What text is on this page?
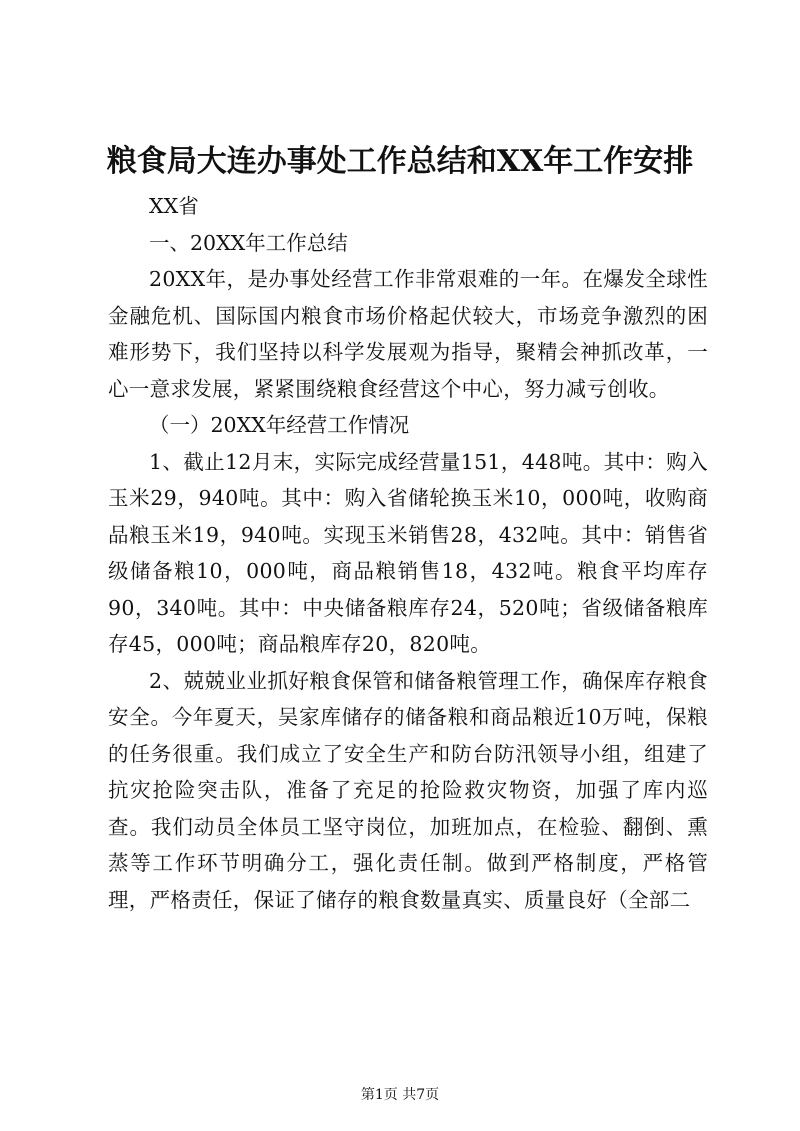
粮食局大连办事处工作总结和XX年工作安排

XX省

一、20XX年工作总结

20XX年，是办事处经营工作非常艰难的一年。在爆发全球性金融危机、国际国内粮食市场价格起伏较大，市场竞争激烈的困难形势下，我们坚持以科学发展观为指导，聚精会神抓改革，一心一意求发展，紧紧围绕粮食经营这个中心，努力减亏创收。

（一）20XX年经营工作情况

1、截止12月末，实际完成经营量151，448吨。其中：购入玉米29，940吨。其中：购入省储轮换玉米10，000吨，收购商品粮玉米19，940吨。实现玉米销售28，432吨。其中：销售省级储备粮10，000吨，商品粮销售18，432吨。粮食平均库存90，340吨。其中：中央储备粮库存24，520吨；省级储备粮库存45，000吨；商品粮库存20，820吨。

2、兢兢业业抓好粮食保管和储备粮管理工作，确保库存粮食安全。今年夏天，吴家库储存的储备粮和商品粮近10万吨，保粮的任务很重。我们成立了安全生产和防台防汛领导小组，组建了抗灾抢险突击队，准备了充足的抢险救灾物资，加强了库内巡查。我们动员全体员工坚守岗位，加班加点，在检验、翻倒、熏蒸等工作环节明确分工，强化责任制。做到严格制度，严格管理，严格责任，保证了储存的粮食数量真实、质量良好（全部二

第1页 共7页
